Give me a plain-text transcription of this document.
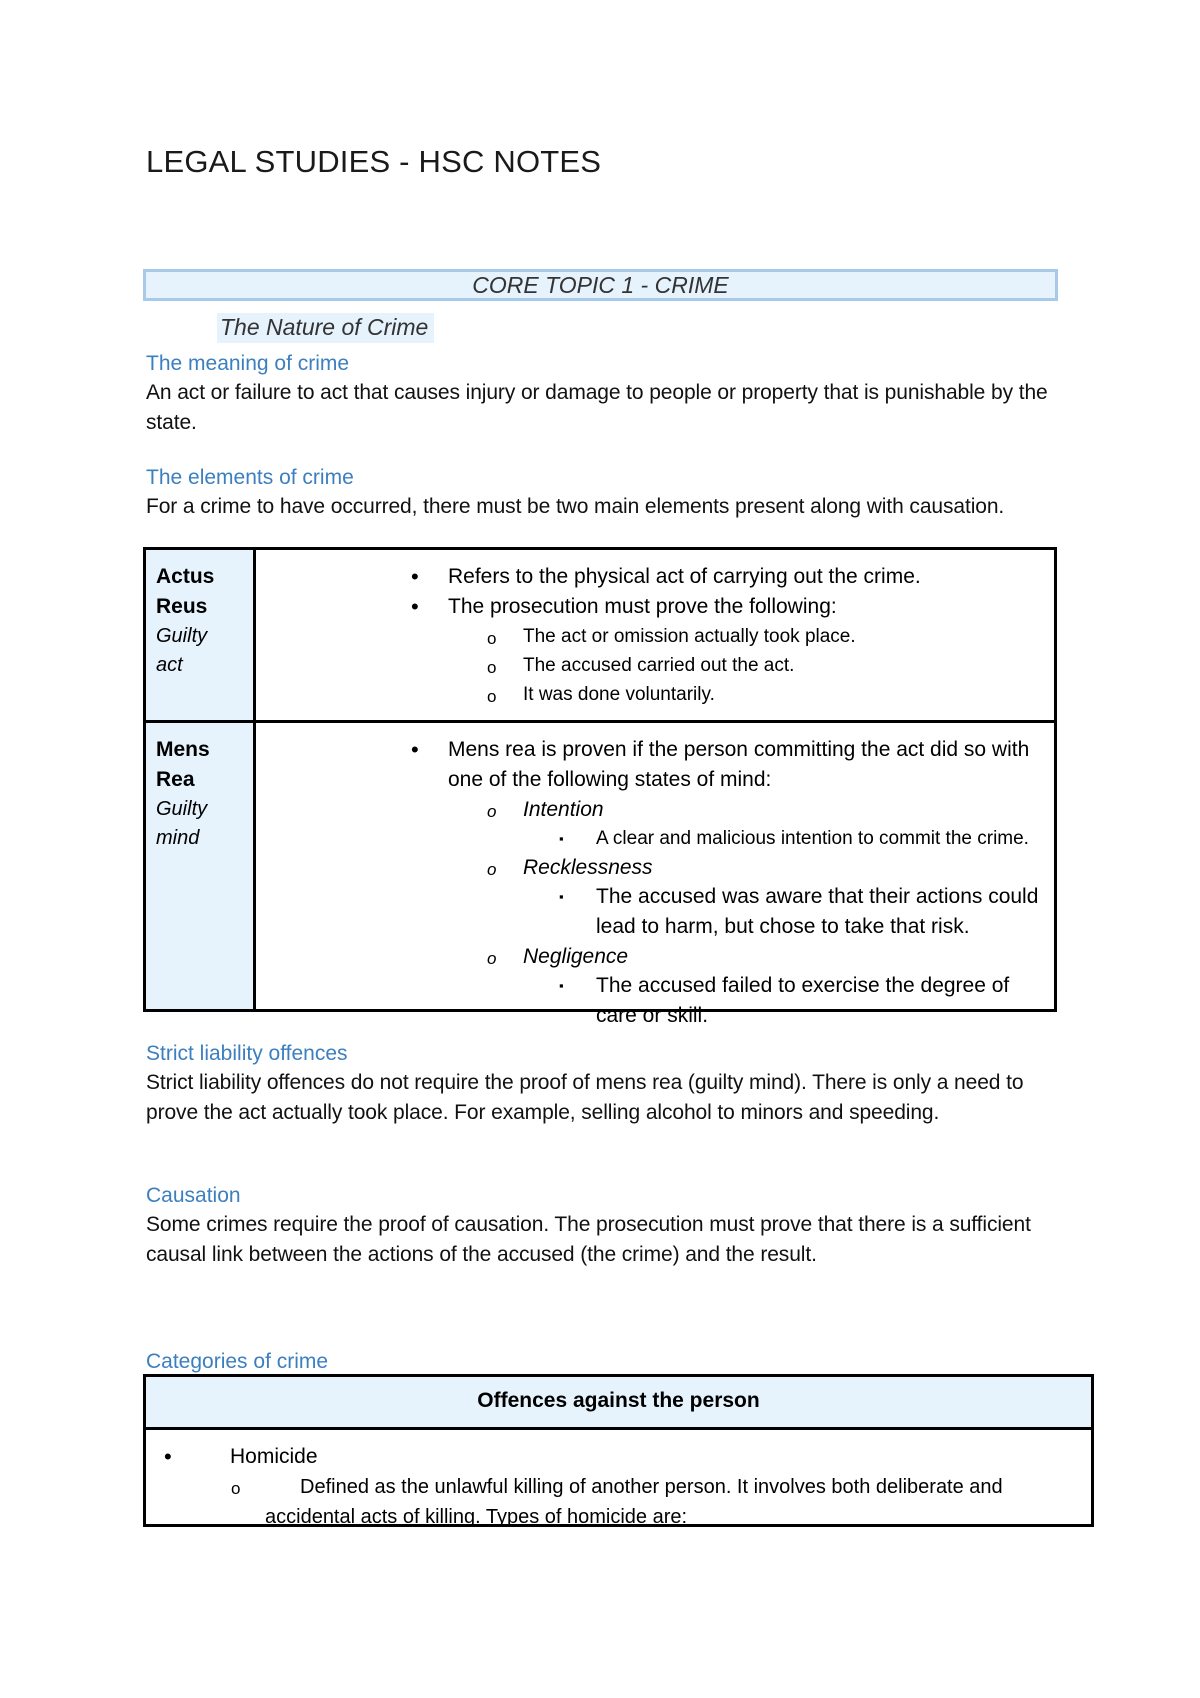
LEGAL STUDIES - HSC NOTES
CORE TOPIC 1 - CRIME
The Nature of Crime
The meaning of crime
An act or failure to act that causes injury or damage to people or property that is punishable by the state.
The elements of crime
For a crime to have occurred, there must be two main elements present along with causation.
Actus Reus
Guilty act
• Refers to the physical act of carrying out the crime.
• The prosecution must prove the following:
o The act or omission actually took place.
o The accused carried out the act.
o It was done voluntarily.
Mens Rea
Guilty mind
• Mens rea is proven if the person committing the act did so with one of the following states of mind:
o Intention
▪ A clear and malicious intention to commit the crime.
o Recklessness
▪ The accused was aware that their actions could lead to harm, but chose to take that risk.
o Negligence
▪ The accused failed to exercise the degree of care or skill.
Strict liability offences
Strict liability offences do not require the proof of mens rea (guilty mind). There is only a need to prove the act actually took place. For example, selling alcohol to minors and speeding.
Causation
Some crimes require the proof of causation. The prosecution must prove that there is a sufficient causal link between the actions of the accused (the crime) and the result.
Categories of crime
Offences against the person
• Homicide
o Defined as the unlawful killing of another person. It involves both deliberate and
accidental acts of killing. Types of homicide are:
